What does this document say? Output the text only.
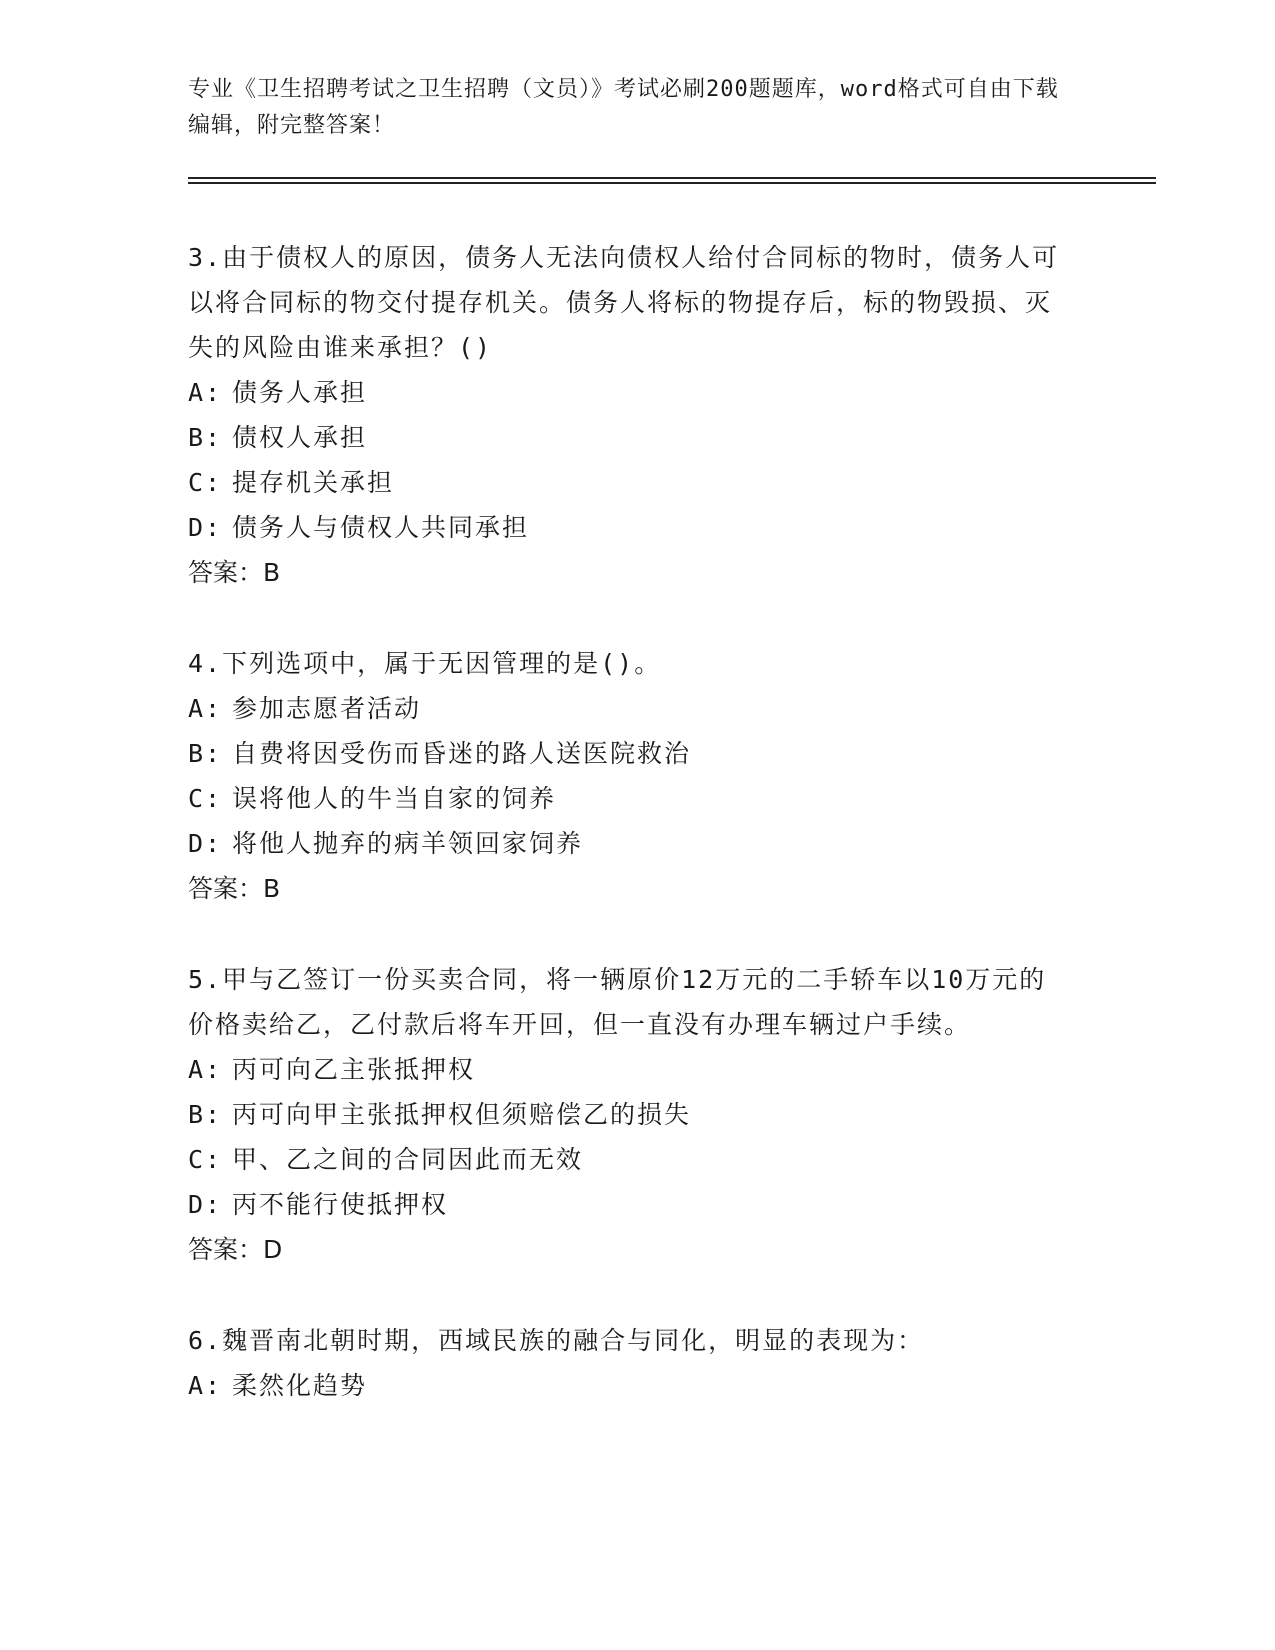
专业《卫生招聘考试之卫生招聘（文员）》考试必刷200题题库，word格式可自由下载编辑，附完整答案！

3.由于债权人的原因，债务人无法向债权人给付合同标的物时，债务人可以将合同标的物交付提存机关。债务人将标的物提存后，标的物毁损、灭失的风险由谁来承担？()

A: 债务人承担

B: 债权人承担

C: 提存机关承担

D: 债务人与债权人共同承担

答案：B

4.下列选项中，属于无因管理的是()。

A: 参加志愿者活动

B: 自费将因受伤而昏迷的路人送医院救治

C: 误将他人的牛当自家的饲养

D: 将他人抛弃的病羊领回家饲养

答案：B

5.甲与乙签订一份买卖合同，将一辆原价12万元的二手轿车以10万元的价格卖给乙，乙付款后将车开回，但一直没有办理车辆过户手续。

A: 丙可向乙主张抵押权

B: 丙可向甲主张抵押权但须赔偿乙的损失

C: 甲、乙之间的合同因此而无效

D: 丙不能行使抵押权

答案：D

6.魏晋南北朝时期，西域民族的融合与同化，明显的表现为：

A: 柔然化趋势
